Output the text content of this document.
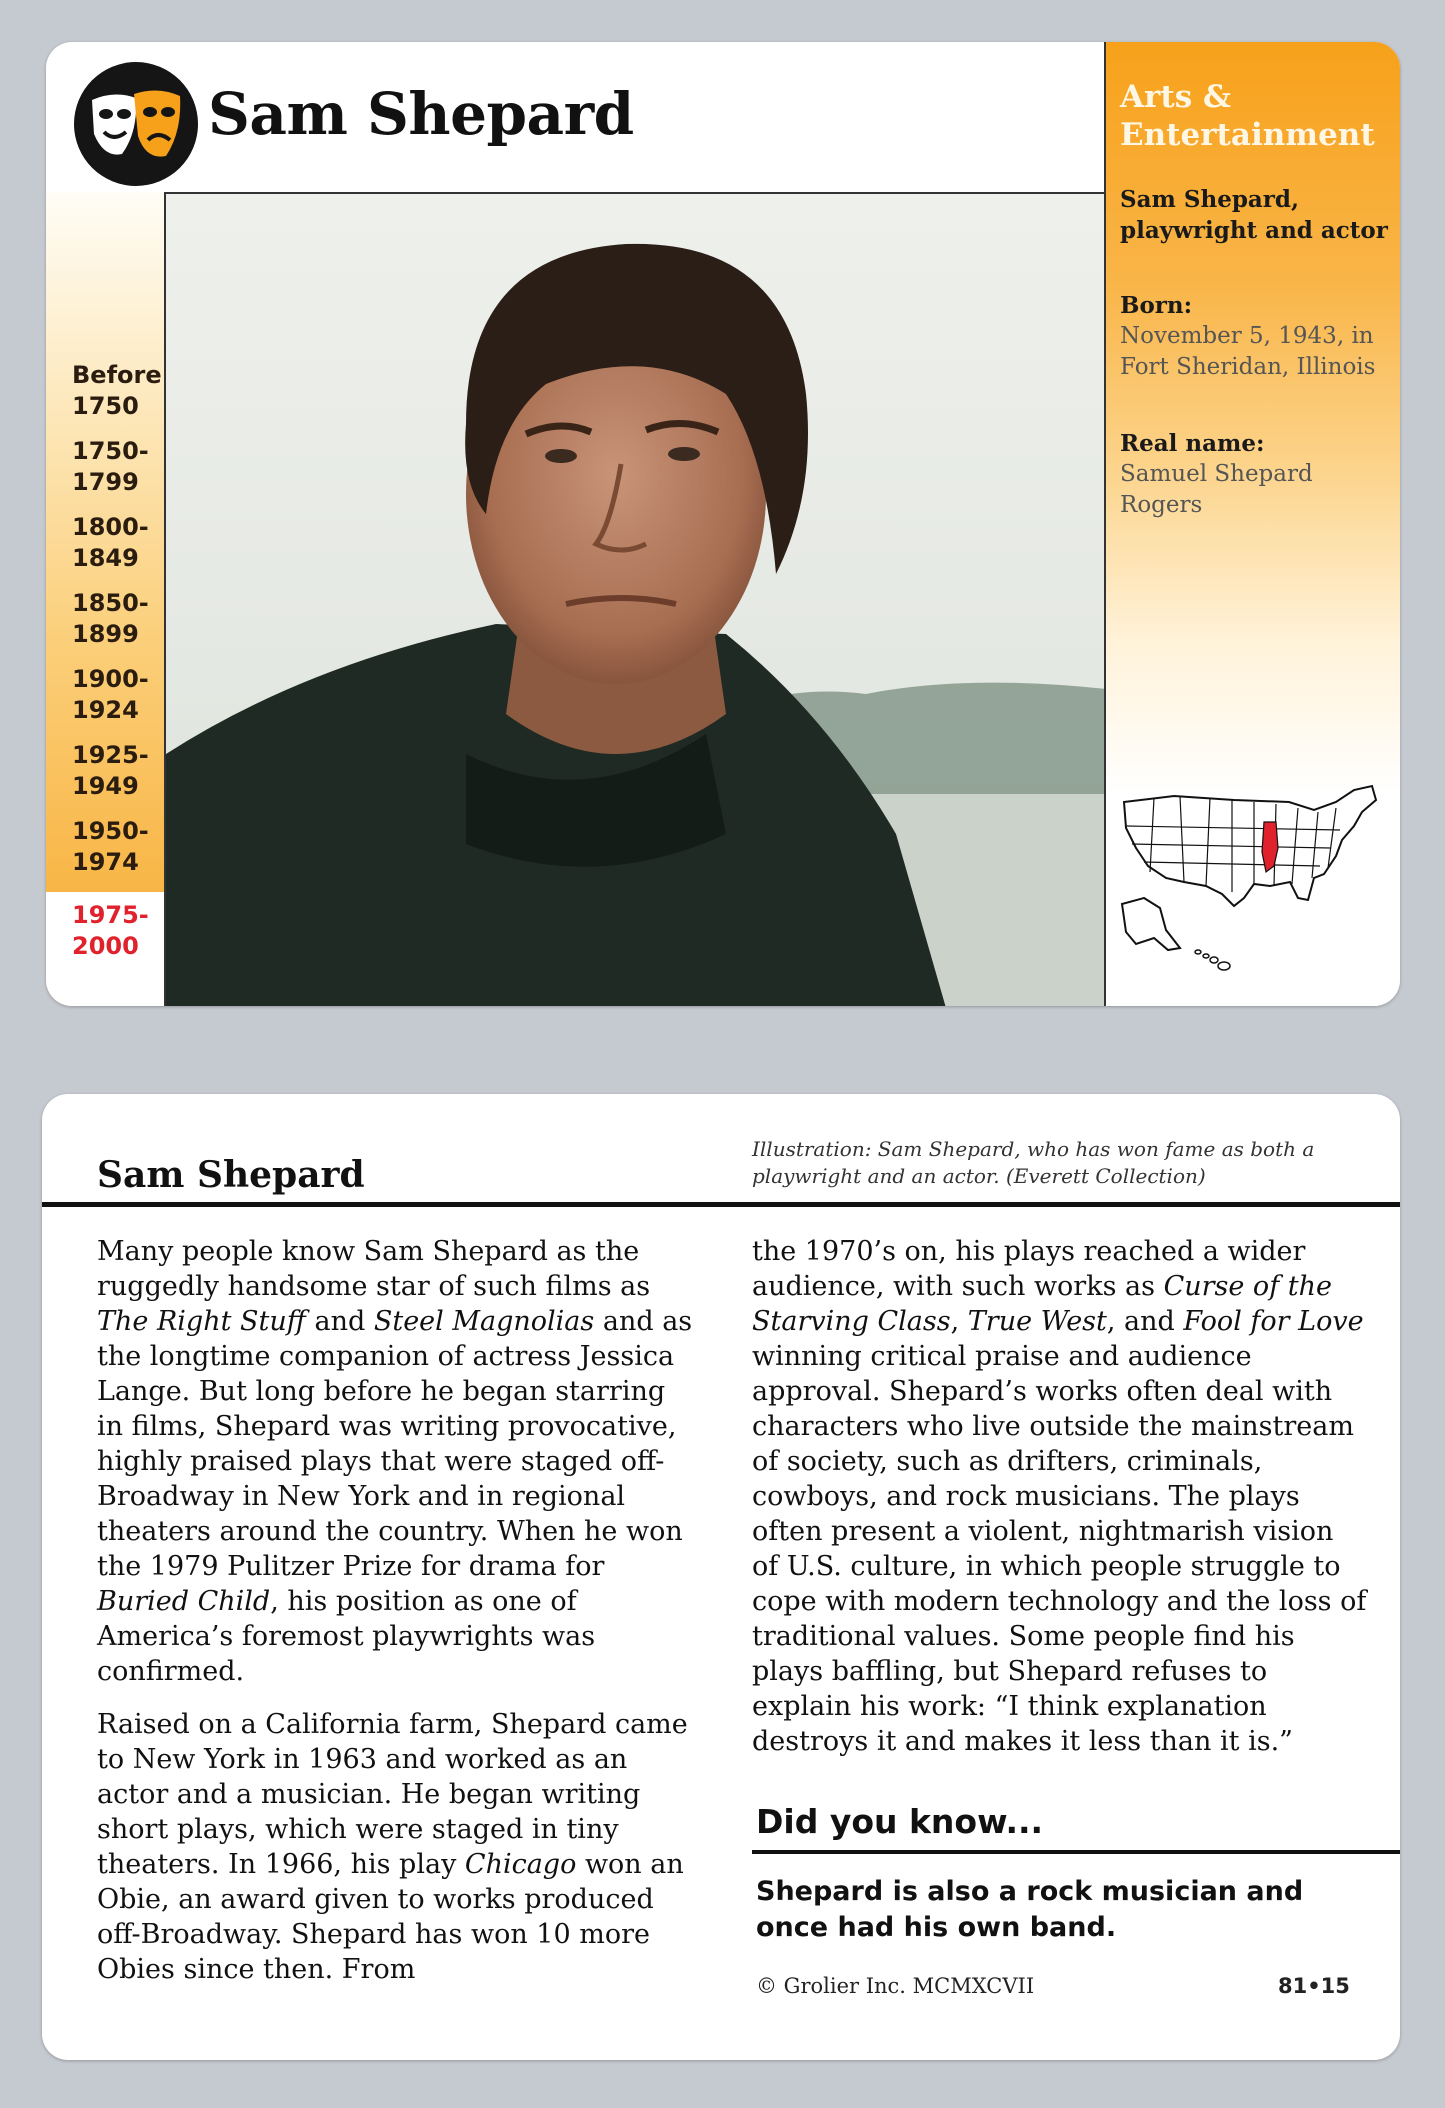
Sam Shepard
Before
1750
1750-
1799
1800-
1849
1850-
1899
1900-
1924
1925-
1949
1950-
1974
1975-
2000
Arts &
Entertainment
Sam Shepard, playwright and actor
Born:
November 5, 1943, in Fort Sheridan, Illinois
Real name:
Samuel Shepard Rogers
Sam Shepard
Illustration: Sam Shepard, who has won fame as both a playwright and an actor. (Everett Collection)

Many people know Sam Shepard as the ruggedly handsome star of such films as The Right Stuff and Steel Magnolias and as the longtime companion of actress Jessica Lange. But long before he began starring in films, Shepard was writing provocative, highly praised plays that were staged off-Broadway in New York and in regional theaters around the country. When he won the 1979 Pulitzer Prize for drama for Buried Child, his position as one of America’s foremost playwrights was confirmed.

Raised on a California farm, Shepard came to New York in 1963 and worked as an actor and a musician. He began writing short plays, which were staged in tiny theaters. In 1966, his play Chicago won an Obie, an award given to works produced off-Broadway. Shepard has won 10 more Obies since then. From

the 1970’s on, his plays reached a wider audience, with such works as Curse of the Starving Class, True West, and Fool for Love winning critical praise and audience approval. Shepard’s works often deal with characters who live outside the mainstream of society, such as drifters, criminals, cowboys, and rock musicians. The plays often present a violent, nightmarish vision of U.S. culture, in which people struggle to cope with modern technology and the loss of traditional values. Some people find his plays baffling, but Shepard refuses to explain his work: “I think explanation destroys it and makes it less than it is.”

Did you know...
Shepard is also a rock musician and once had his own band.
© Grolier Inc. MCMXCVII	81•15
